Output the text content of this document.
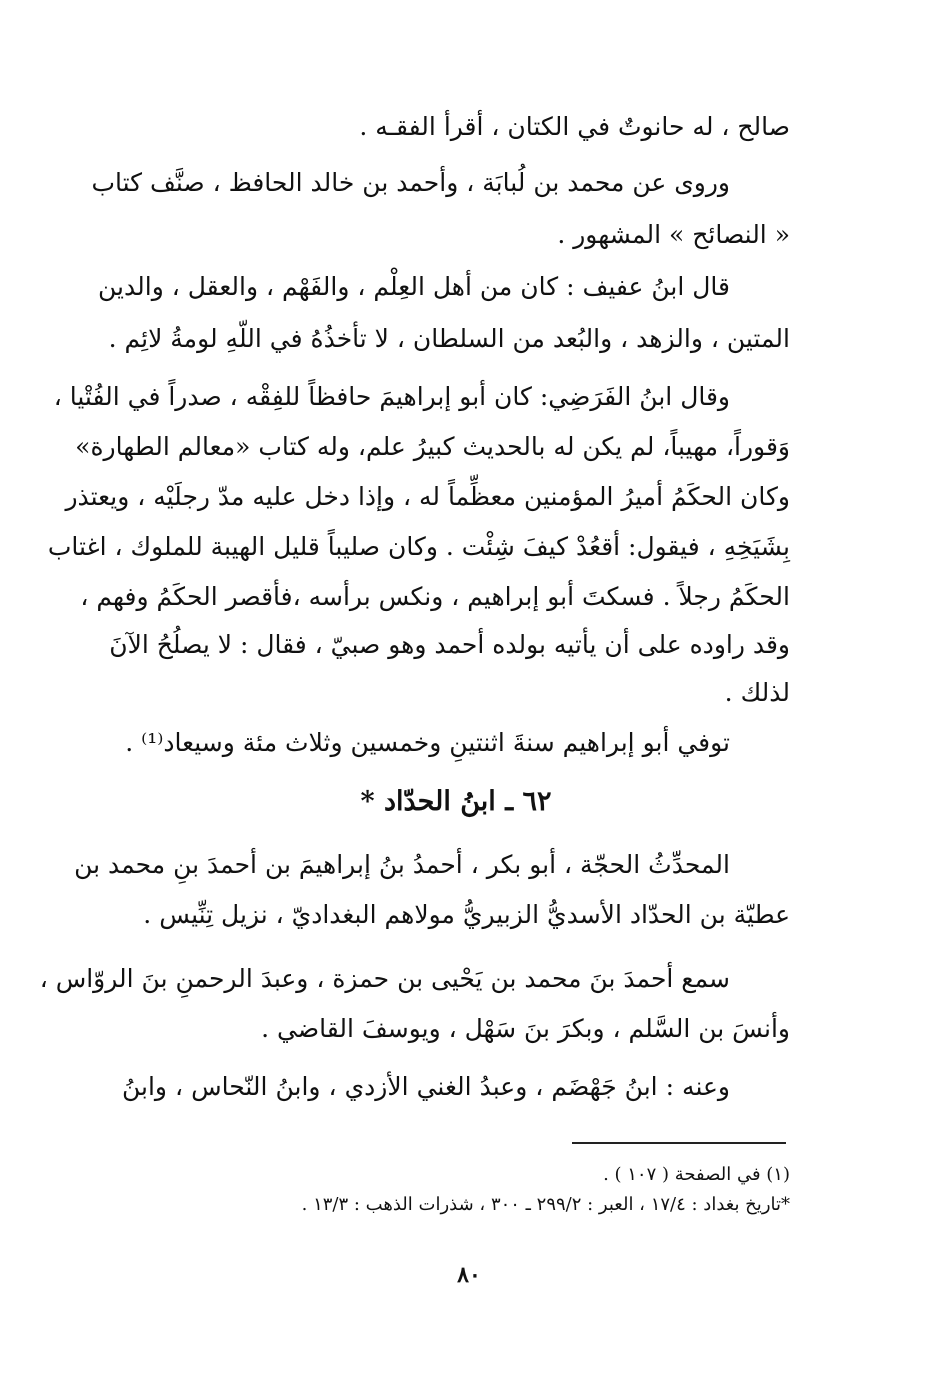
صالح ، له حانوتٌ في الكتان ، أقرأ الفقـه .
وروى عن محمد بن لُبابَة ، وأحمد بن خالد الحافظ ، صنَّف كتاب
« النصائح » المشهور .
قال ابنُ عفيف : كان من أهل العِلْم ، والفَهْم ، والعقل ، والدين
المتين ، والزهد ، والبُعد من السلطان ، لا تأخذُهُ في اللّهِ لومةُ لائِم .
وقال ابنُ الفَرَضِي: كان أبو إبراهيمَ حافظاً للفِقْه ، صدراً في الفُتْيا ،
وَقوراً، مهيباً، لم يكن له بالحديث كبيرُ علم، وله كتاب «معالم الطهارة»
وكان الحكَمُ أميرُ المؤمنين معظِّماً له ، وإذا دخل عليه مدّ رجلَيْه ، ويعتذر
بِشَيَخِهِ ، فيقول: أقعُدْ كيفَ شِئْت . وكان صليباً قليل الهيبة للملوك ، اغتاب
الحكَمُ رجلاً . فسكتَ أبو إبراهيم ، ونكس برأسه ،فأقصر الحكَمُ وفهم ،
وقد راوده على أن يأتيه بولده أحمد وهو صبيّ ، فقال : لا يصلُحُ الآنَ
لذلك .
توفي أبو إبراهيم سنةَ اثنتينِ وخمسين وثلاث مئة وسيعاد⁽¹⁾ .
٦٢ ـ ابنُ الحدّاد *
المحدِّثُ الحجّة ، أبو بكر ، أحمدُ بنُ إبراهيمَ بن أحمدَ بنِ محمد بن
عطيّة بن الحدّاد الأسديُّ الزبيريُّ مولاهم البغداديّ ، نزيل تِنِّيس .
سمع أحمدَ بنَ محمد بن يَحْيى بن حمزة ، وعبدَ الرحمنِ بنَ الروّاس ،
وأنسَ بن السَّلم ، وبكرَ بنَ سَهْل ، ويوسفَ القاضي .
وعنه : ابنُ جَهْضَم ، وعبدُ الغني الأزدي ، وابنُ النّحاس ، وابنُ
(١) في الصفحة ( ١٠٧ ) .
*تاريخ بغداد : ١٧/٤ ، العبر : ٢٩٩/٢ ـ ٣٠٠ ، شذرات الذهب : ١٣/٣ .
٨٠
